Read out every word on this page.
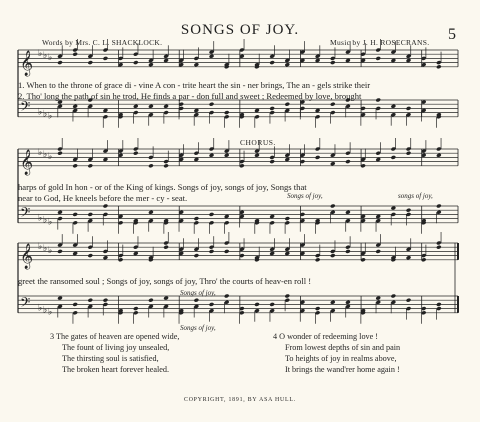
SONGS OF JOY.	5
Words by Mrs. C. L. SHACKLOCK.	Music by J. H. ROSECRANS.
𝄞 ♭ ♭ ♭
𝄢 ♭ ♭ ♭
𝄞 ♭ ♭ ♭
𝄢 ♭ ♭ ♭
𝄞 ♭ ♭ ♭
𝄢 ♭ ♭ ♭
1. When to the throne of grace di - vine A con - trite heart the sin - ner brings, The an - gels strike their
2. Tho' long the path of sin he trod, He finds a par - don full and sweet ; Redeemed by love, brought
CHORUS.
harps of gold In hon - or of the King of kings. Songs of joy, songs of joy, Songs that
near to God, He kneels before the mer - cy - seat.	Songs of joy,	songs of joy,
greet the ransomed soul ; Songs of joy, songs of joy, Thro' the courts of heav-en roll !
Songs of joy,
3 The gates of heaven are opened wide,
The fount of living joy unsealed,
The thirsting soul is satisfied,
The broken heart forever healed.
Songs of joy,
4 O wonder of redeeming love !
From lowest depths of sin and pain
To heights of joy in realms above,
It brings the wand'rer home again !
COPYRIGHT, 1891, BY ASA HULL.
